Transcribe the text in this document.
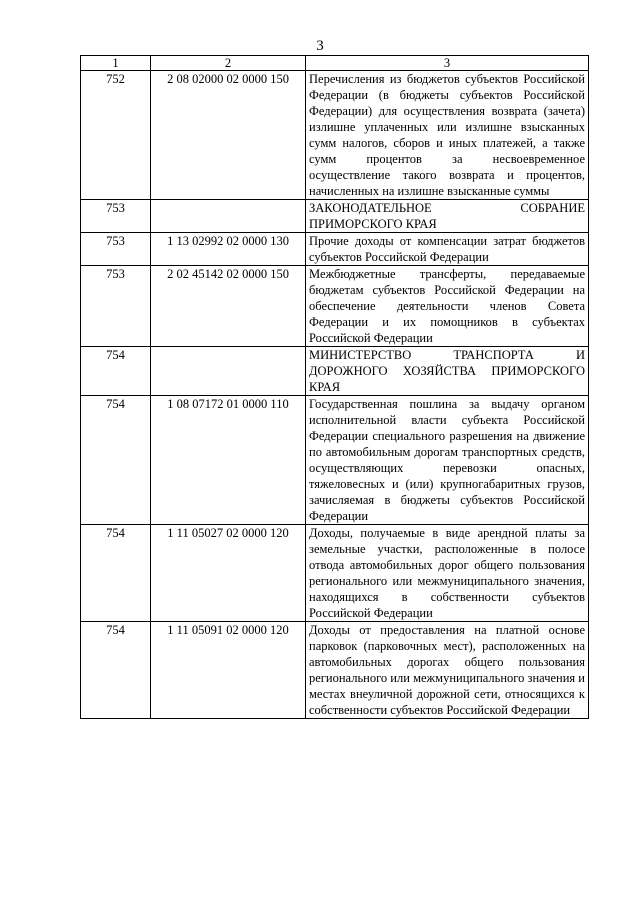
3
1	2	3
752	2 08 02000 02 0000 150	Перечисления из бюджетов субъектов Российской Федерации (в бюджеты субъектов Российской Федерации) для осуществления возврата (зачета) излишне уплаченных или излишне взысканных сумм налогов, сборов и иных платежей, а также сумм процентов за несвоевременное осуществление такого возврата и процентов, начисленных на излишне взысканные суммы
753		ЗАКОНОДАТЕЛЬНОЕ СОБРАНИЕ ПРИМОРСКОГО КРАЯ
753	1 13 02992 02 0000 130	Прочие доходы от компенсации затрат бюджетов субъектов Российской Федерации
753	2 02 45142 02 0000 150	Межбюджетные трансферты, передаваемые бюджетам субъектов Российской Федерации на обеспечение деятельности членов Совета Федерации и их помощников в субъектах Российской Федерации
754		МИНИСТЕРСТВО ТРАНСПОРТА И ДОРОЖНОГО ХОЗЯЙСТВА ПРИМОРСКОГО КРАЯ
754	1 08 07172 01 0000 110	Государственная пошлина за выдачу органом исполнительной власти субъекта Российской Федерации специального разрешения на движение по автомобильным дорогам транспортных средств, осуществляющих перевозки опасных, тяжеловесных и (или) крупногабаритных грузов, зачисляемая в бюджеты субъектов Российской Федерации
754	1 11 05027 02 0000 120	Доходы, получаемые в виде арендной платы за земельные участки, расположенные в полосе отвода автомобильных дорог общего пользования регионального или межмуниципального значения, находящихся в собственности субъектов Российской Федерации
754	1 11 05091 02 0000 120	Доходы от предоставления на платной основе парковок (парковочных мест), расположенных на автомобильных дорогах общего пользования регионального или межмуниципального значения и местах внеуличной дорожной сети, относящихся к собственности субъектов Российской Федерации
